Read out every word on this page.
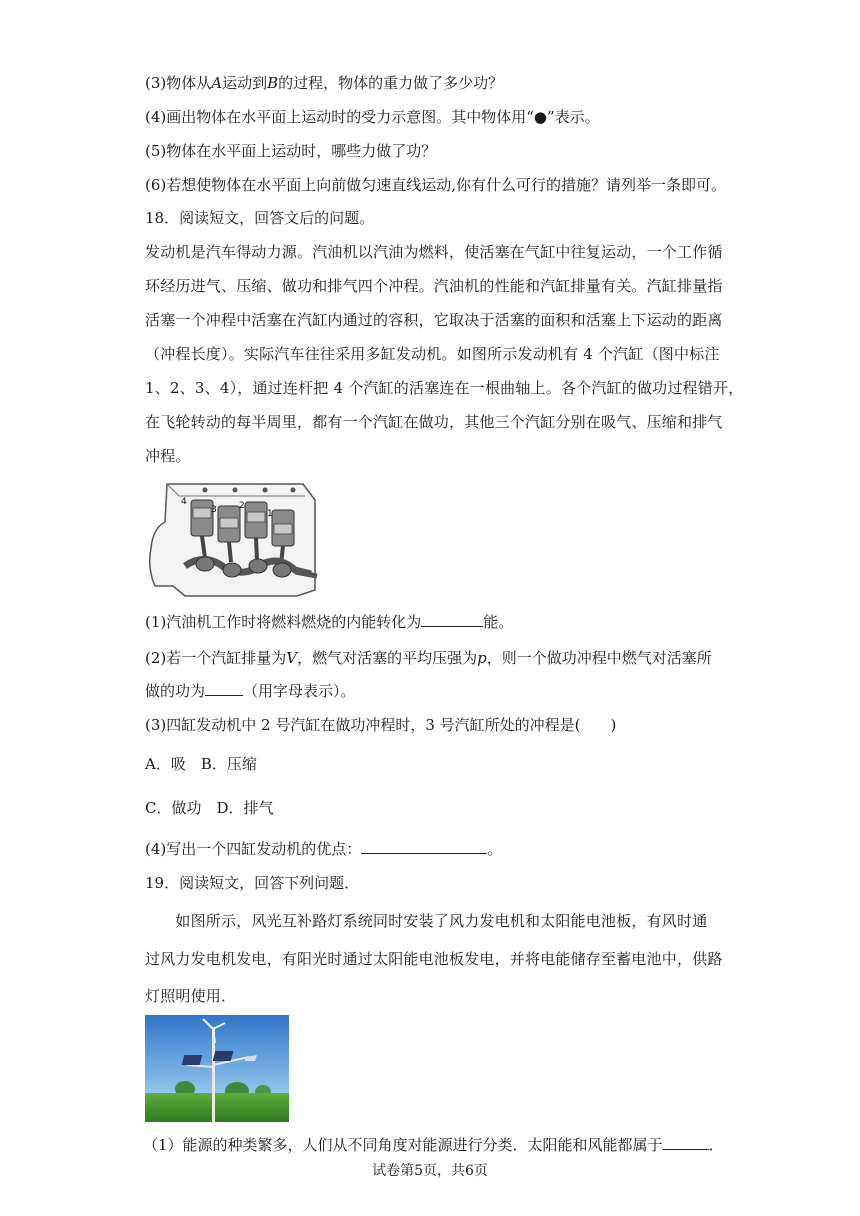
(3)物体从A运动到B的过程，物体的重力做了多少功？
(4)画出物体在水平面上运动时的受力示意图。其中物体用“●”表示。
(5)物体在水平面上运动时，哪些力做了功？
(6)若想使物体在水平面上向前做匀速直线运动,你有什么可行的措施？请列举一条即可。
18．阅读短文，回答文后的问题。
发动机是汽车得动力源。汽油机以汽油为燃料，使活塞在气缸中往复运动，一个工作循
环经历进气、压缩、做功和排气四个冲程。汽油机的性能和汽缸排量有关。汽缸排量指
活塞一个冲程中活塞在汽缸内通过的容积，它取决于活塞的面积和活塞上下运动的距离
（冲程长度）。实际汽车往往采用多缸发动机。如图所示发动机有 4 个汽缸（图中标注
1、2、3、4），通过连杆把 4 个汽缸的活塞连在一根曲轴上。各个汽缸的做功过程错开，
在飞轮转动的每半周里，都有一个汽缸在做功，其他三个汽缸分别在吸气、压缩和排气
冲程。
4
3 2
1
(1)汽油机工作时将燃料燃烧的内能转化为	能。
(2)若一个汽缸排量为V，燃气对活塞的平均压强为p，则一个做功冲程中燃气对活塞所
做的功为	（用字母表示）。
(3)四缸发动机中 2 号汽缸在做功冲程时，3 号汽缸所处的冲程是(　　)
A．吸　B．压缩
C．做功　D．排气
(4)写出一个四缸发动机的优点：	。
19．阅读短文，回答下列问题．
　　如图所示，风光互补路灯系统同时安装了风力发电机和太阳能电池板，有风时通
过风力发电机发电，有阳光时通过太阳能电池板发电，并将电能储存至蓄电池中，供路
灯照明使用．
（1）能源的种类繁多，人们从不同角度对能源进行分类．太阳能和风能都属于	．
试卷第5页，共6页
